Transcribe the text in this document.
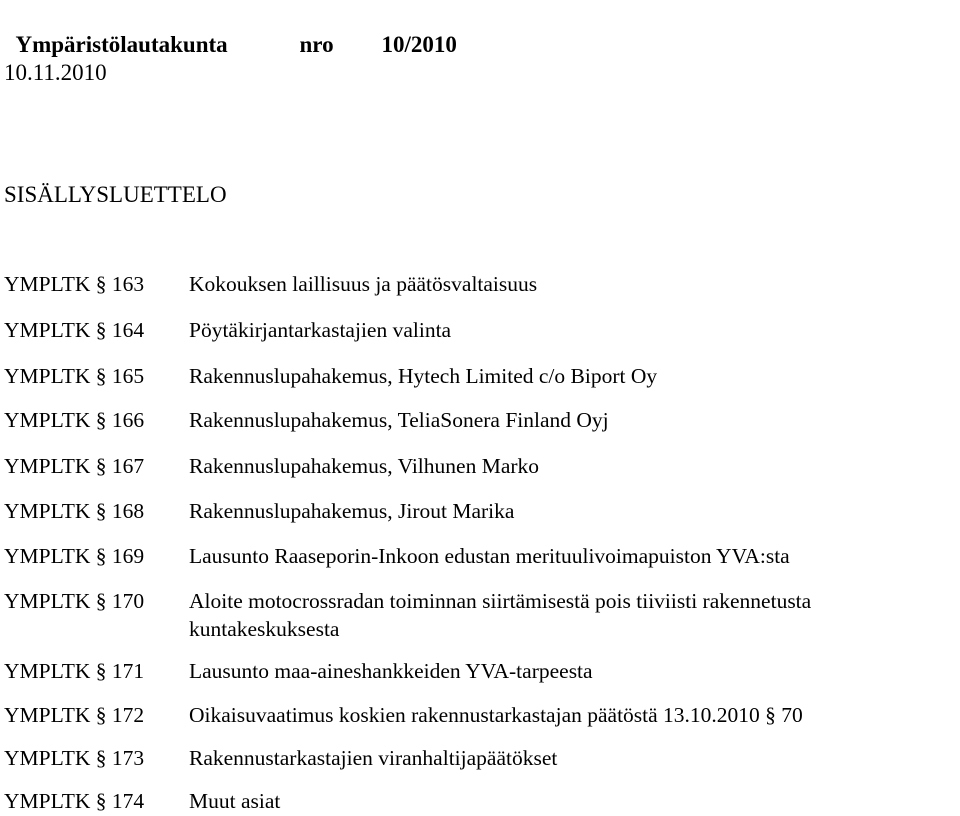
Ympäristölautakunta	nro 10/2010

10.11.2010
SISÄLLYSLUETTELO
YMPLTK § 163	Kokouksen laillisuus ja päätösvaltaisuus
YMPLTK § 164	Pöytäkirjantarkastajien valinta
YMPLTK § 165	Rakennuslupahakemus, Hytech Limited c/o Biport Oy
YMPLTK § 166	Rakennuslupahakemus, TeliaSonera Finland Oyj
YMPLTK § 167	Rakennuslupahakemus, Vilhunen Marko
YMPLTK § 168	Rakennuslupahakemus, Jirout Marika
YMPLTK § 169	Lausunto Raaseporin-Inkoon edustan merituulivoimapuiston YVA:sta
YMPLTK § 170	Aloite motocrossradan toiminnan siirtämisestä pois tiiviisti rakennetusta kuntakeskuksesta
YMPLTK § 171	Lausunto maa-aineshankkeiden YVA-tarpeesta
YMPLTK § 172	Oikaisuvaatimus koskien rakennustarkastajan päätöstä 13.10.2010 § 70
YMPLTK § 173	Rakennustarkastajien viranhaltijapäätökset
YMPLTK § 174	Muut asiat
